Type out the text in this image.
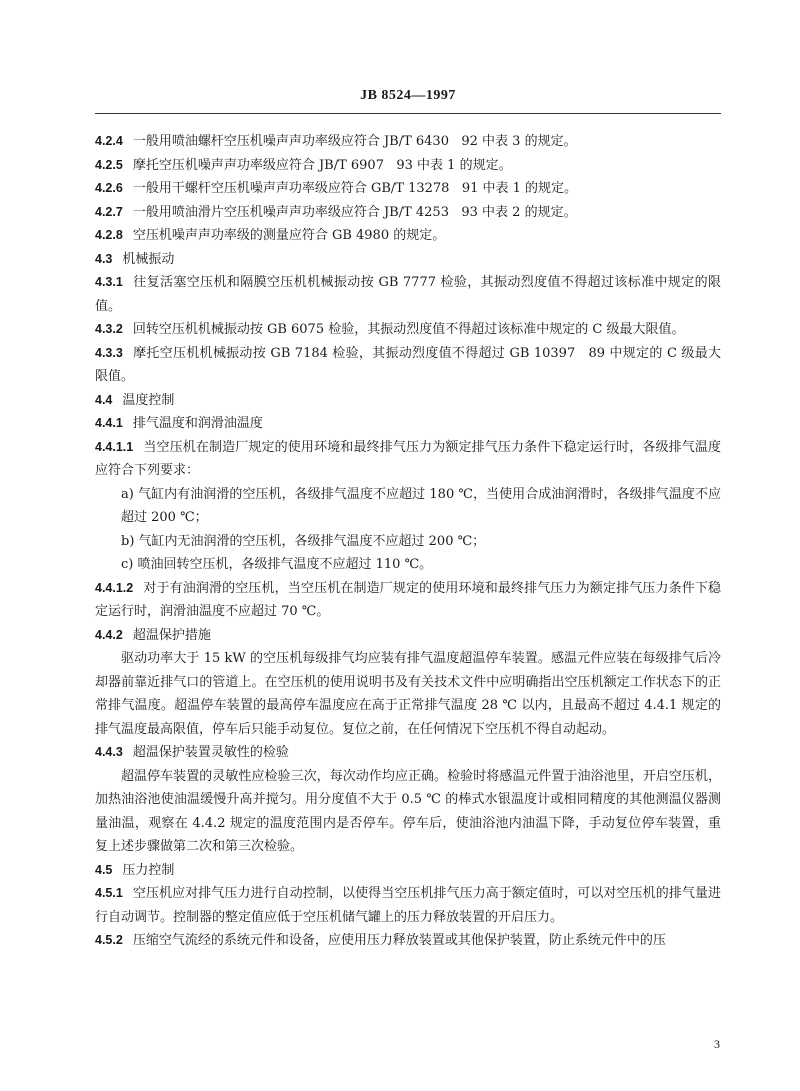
JB 8524—1997

4.2.4 一般用喷油螺杆空压机噪声声功率级应符合 JB/T 6430   92 中表 3 的规定。

4.2.5 摩托空压机噪声声功率级应符合 JB/T 6907   93 中表 1 的规定。

4.2.6 一般用干螺杆空压机噪声声功率级应符合 GB/T 13278   91 中表 1 的规定。

4.2.7 一般用喷油滑片空压机噪声声功率级应符合 JB/T 4253   93 中表 2 的规定。

4.2.8 空压机噪声声功率级的测量应符合 GB 4980 的规定。

4.3 机械振动

4.3.1 往复活塞空压机和隔膜空压机机械振动按 GB 7777 检验，其振动烈度值不得超过该标准中规定的限值。

4.3.2 回转空压机机械振动按 GB 6075 检验，其振动烈度值不得超过该标准中规定的 C 级最大限值。

4.3.3 摩托空压机机械振动按 GB 7184 检验，其振动烈度值不得超过 GB 10397   89 中规定的 C 级最大限值。

4.4 温度控制

4.4.1 排气温度和润滑油温度

4.4.1.1 当空压机在制造厂规定的使用环境和最终排气压力为额定排气压力条件下稳定运行时，各级排气温度应符合下列要求：

a) 气缸内有油润滑的空压机，各级排气温度不应超过 180 ℃，当使用合成油润滑时，各级排气温度不应超过 200 ℃；

b) 气缸内无油润滑的空压机，各级排气温度不应超过 200 ℃；

c) 喷油回转空压机，各级排气温度不应超过 110 ℃。

4.4.1.2 对于有油润滑的空压机，当空压机在制造厂规定的使用环境和最终排气压力为额定排气压力条件下稳定运行时，润滑油温度不应超过 70 ℃。

4.4.2 超温保护措施

驱动功率大于 15 kW 的空压机每级排气均应装有排气温度超温停车装置。感温元件应装在每级排气后冷却器前靠近排气口的管道上。在空压机的使用说明书及有关技术文件中应明确指出空压机额定工作状态下的正常排气温度。超温停车装置的最高停车温度应在高于正常排气温度 28 ℃ 以内，且最高不超过 4.4.1 规定的排气温度最高限值，停车后只能手动复位。复位之前，在任何情况下空压机不得自动起动。

4.4.3 超温保护装置灵敏性的检验

超温停车装置的灵敏性应检验三次，每次动作均应正确。检验时将感温元件置于油浴池里，开启空压机，加热油浴池使油温缓慢升高并搅匀。用分度值不大于 0.5 ℃ 的棒式水银温度计或相同精度的其他测温仪器测量油温，观察在 4.4.2 规定的温度范围内是否停车。停车后，使油浴池内油温下降，手动复位停车装置，重复上述步骤做第二次和第三次检验。

4.5 压力控制

4.5.1 空压机应对排气压力进行自动控制，以使得当空压机排气压力高于额定值时，可以对空压机的排气量进行自动调节。控制器的整定值应低于空压机储气罐上的压力释放装置的开启压力。

4.5.2 压缩空气流经的系统元件和设备，应使用压力释放装置或其他保护装置，防止系统元件中的压

3
